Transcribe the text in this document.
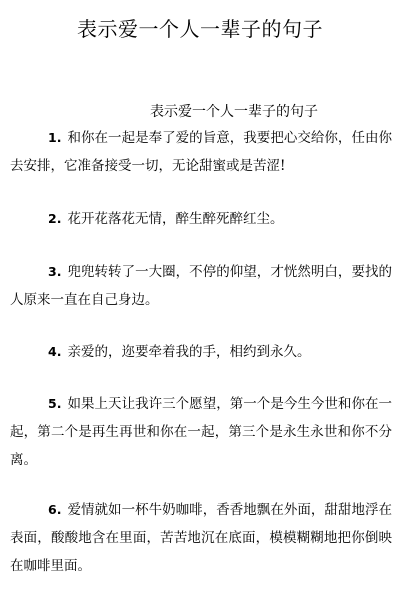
表示爱一个人一辈子的句子
表示爱一个人一辈子的句子
1. 和你在一起是奉了爱的旨意，我要把心交给你，任由你去安排，它准备接受一切，无论甜蜜或是苦涩!
2. 花开花落花无情，醉生醉死醉红尘。
3. 兜兜转转了一大圈，不停的仰望，才恍然明白，要找的人原来一直在自己身边。
4. 亲爱的，迩要牵着我的手，相约到永久。
5. 如果上天让我许三个愿望，第一个是今生今世和你在一起，第二个是再生再世和你在一起，第三个是永生永世和你不分离。
6. 爱情就如一杯牛奶咖啡，香香地飘在外面，甜甜地浮在表面，酸酸地含在里面，苦苦地沉在底面，模模糊糊地把你倒映在咖啡里面。
